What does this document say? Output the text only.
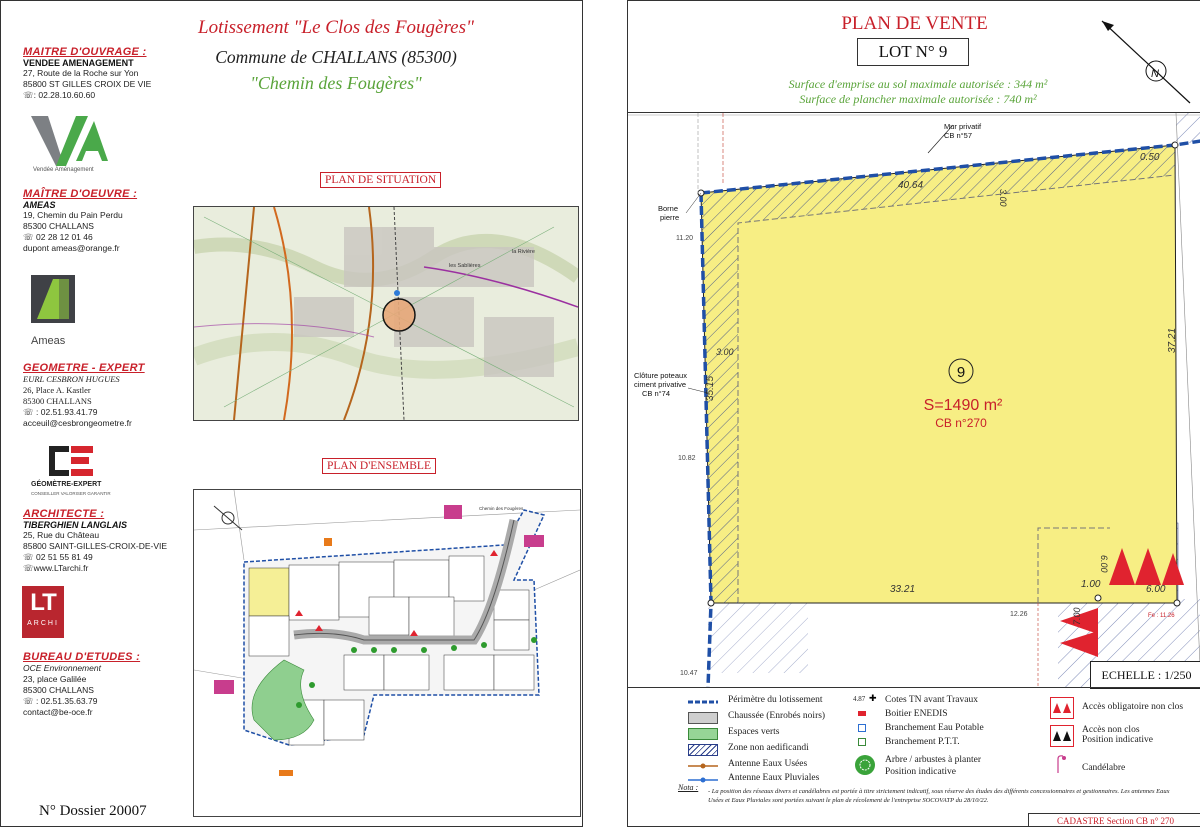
Lotissement "Le Clos des Fougères"
Commune de CHALLANS (85300)
"Chemin des Fougères"
MAITRE D'OUVRAGE :
VENDEE AMENAGEMENT
27, Route de la Roche sur Yon
85800 ST GILLES CROIX DE VIE
☏: 02.28.10.60.60
Vendée Aménagement
MAÎTRE D'OEUVRE :
AMEAS
19, Chemin du Pain Perdu
85300 CHALLANS
☏ 02 28 12 01 46
dupont ameas@orange.fr
Ameas
GEOMETRE - EXPERT
EURL CESBRON HUGUES
26, Place A. Kastler
85300 CHALLANS
☏ : 02.51.93.41.79
acceuil@cesbrongeometre.fr
GÉOMÈTRE-EXPERT
CONSEILLER VALORISER GARANTIR
ARCHITECTE :
TIBERGHIEN LANGLAIS
25, Rue du Château
85800 SAINT-GILLES-CROIX-DE-VIE
☏ 02 51 55 81 49
☏www.LTarchi.fr
LT
ARCHI
BUREAU D'ETUDES :
OCE Environnement
23, place Galilée
85300 CHALLANS
☏ : 02.51.35.63.79
contact@be-oce.fr
N° Dossier 20007
PLAN DE SITUATION
la Rivière
les Sablières
PLAN D'ENSEMBLE
Chemin des Fougères
PLAN DE VENTE
LOT N° 9
Surface d'emprise au sol maximale autorisée : 344 m²
Surface de plancher maximale autorisée : 740 m²
N
9
S=1490 m²
CB n°270
40.64
0.50
3.00
35.15
3.00	37.21
33.21	1.00	6.00
6.00
7.00
11.20
10.82
10.47
12.26	Fe : 11.26
Mur privatif
CB n°57
Borne
pierre
Clôture poteaux
ciment privative
CB n°74
ECHELLE : 1/250
Périmètre du lotissement
Chaussée (Enrobés noirs)
Espaces verts
Zone non aedificandi
Antenne Eaux Usées
Antenne Eaux Pluviales
4.87 ✚ Cotes TN avant Travaux
Boitier ENEDIS
Branchement Eau Potable
Branchement P.T.T.
Arbre / arbustes à planter
Position indicative
Accès obligatoire non clos
Accès non clos
Position indicative
Candélabre
Nota : - La position des réseaux divers et candélabres est portée à titre strictement indicatif, sous réserve des études des différents concessionnaires et gestionnaires. Les antennes Eaux Usées et Eaux Pluviales sont portées suivant le plan de récolement de l'entreprise SOCOVATP du 28/10/22.
CADASTRE Section CB n° 270
